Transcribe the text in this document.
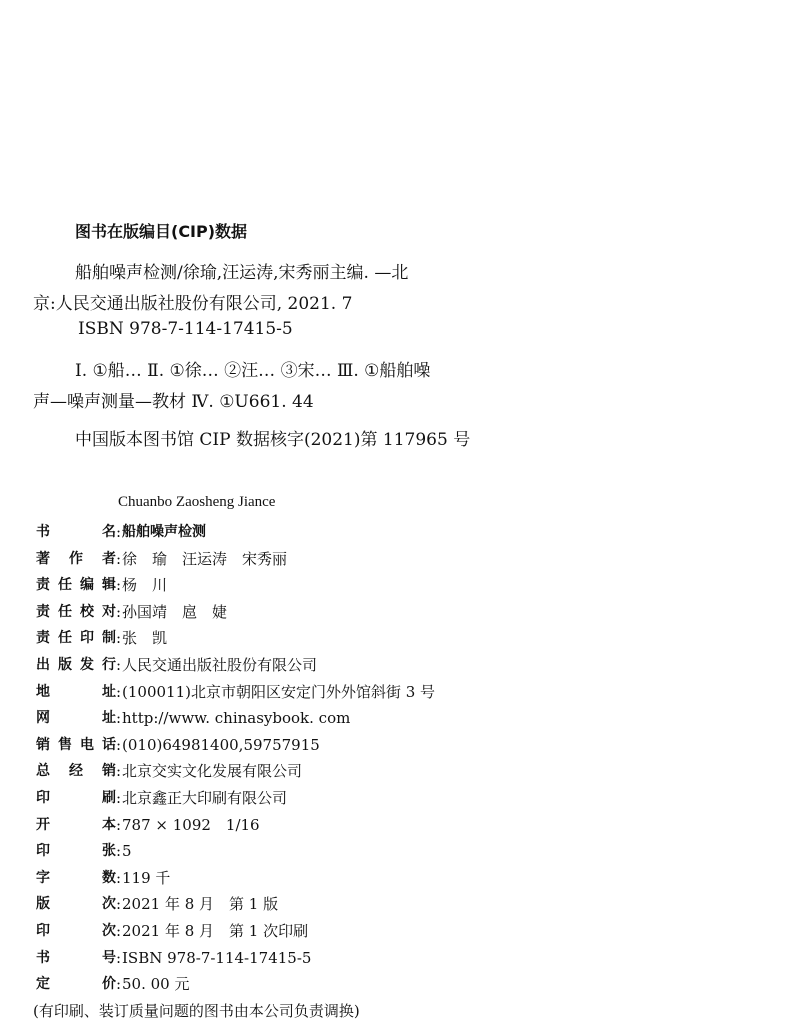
图书在版编目(CIP)数据
船舶噪声检测/徐瑜,汪运涛,宋秀丽主编. —北
京:人民交通出版社股份有限公司, 2021. 7
ISBN 978-7-114-17415-5
Ⅰ. ①船… Ⅱ. ①徐… ②汪… ③宋… Ⅲ. ①船舶噪
声—噪声测量—教材 Ⅳ. ①U661. 44
中国版本图书馆 CIP 数据核字(2021)第 117965 号
Chuanbo Zaosheng Jiance
书	名 : 船舶噪声检测
著 作 者 : 徐　瑜　汪运涛　宋秀丽
责 任 编 辑 : 杨　川
责 任 校 对 : 孙国靖　扈　婕
责 任 印 制 : 张　凯
出 版 发 行 : 人民交通出版社股份有限公司
地	址 : (100011)北京市朝阳区安定门外外馆斜街 3 号
网	址 : http://www. chinasybook. com
销 售 电 话 : (010)64981400,59757915
总 经 销 : 北京交实文化发展有限公司
印	刷 : 北京鑫正大印刷有限公司
开	本 : 787 × 1092　1/16
印	张 : 5
字	数 : 119 千
版	次 : 2021 年 8 月　第 1 版
印	次 : 2021 年 8 月　第 1 次印刷
书	号 : ISBN 978-7-114-17415-5
定	价 : 50. 00 元
(有印刷、装订质量问题的图书由本公司负责调换)
